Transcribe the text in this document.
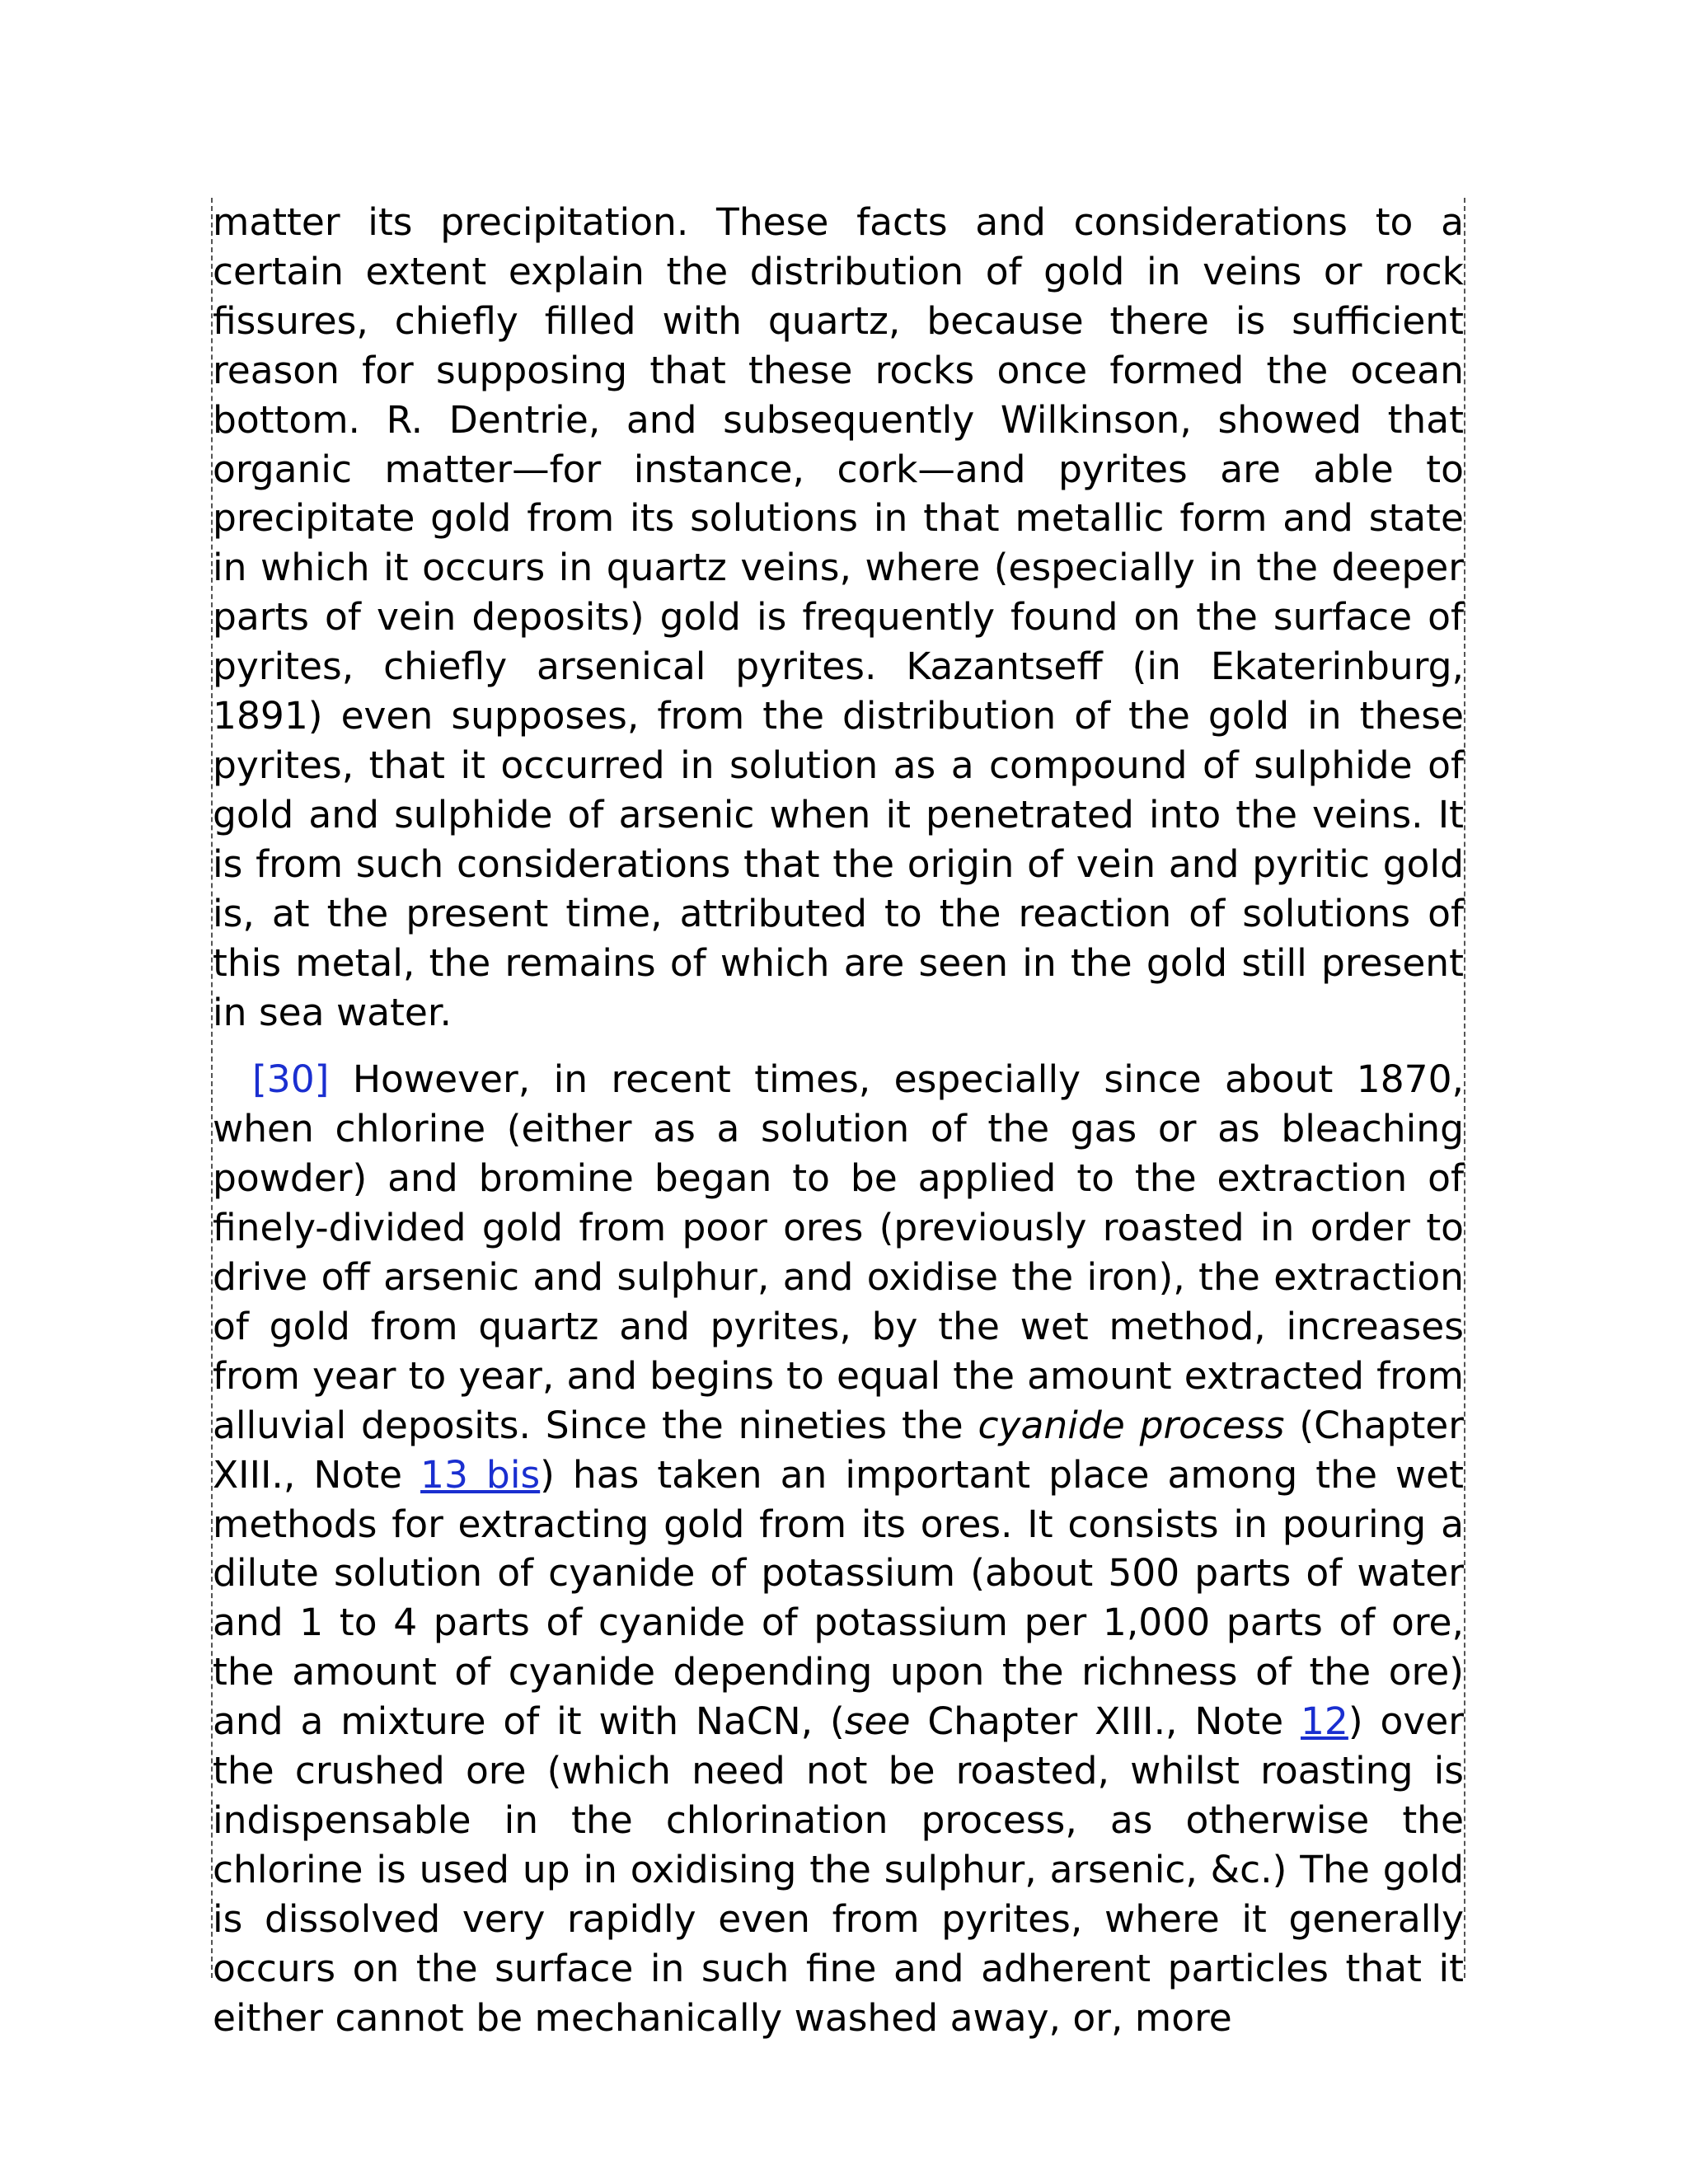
matter its precipitation. These facts and considerations to a certain extent explain the distribution of gold in veins or rock fissures, chiefly filled with quartz, because there is sufficient reason for supposing that these rocks once formed the ocean bottom. R. Dentrie, and subsequently Wilkinson, showed that organic matter—for instance, cork—and pyrites are able to precipitate gold from its solutions in that metallic form and state in which it occurs in quartz veins, where (especially in the deeper parts of vein deposits) gold is frequently found on the surface of pyrites, chiefly arsenical pyrites. Kazantseff (in Ekaterinburg, 1891) even supposes, from the distribution of the gold in these pyrites, that it occurred in solution as a compound of sulphide of gold and sulphide of arsenic when it penetrated into the veins. It is from such considerations that the origin of vein and pyritic gold is, at the present time, attributed to the reaction of solutions of this metal, the remains of which are seen in the gold still present in sea water.

[30] However, in recent times, especially since about 1870, when chlorine (either as a solution of the gas or as bleaching powder) and bromine began to be applied to the extraction of finely-divided gold from poor ores (previously roasted in order to drive off arsenic and sulphur, and oxidise the iron), the extraction of gold from quartz and pyrites, by the wet method, increases from year to year, and begins to equal the amount extracted from alluvial deposits. Since the nineties the cyanide process (Chapter XIII., Note 13 bis) has taken an important place among the wet methods for extracting gold from its ores. It consists in pouring a dilute solution of cyanide of potassium (about 500 parts of water and 1 to 4 parts of cyanide of potassium per 1,000 parts of ore, the amount of cyanide depending upon the richness of the ore) and a mixture of it with NaCN, (see Chapter XIII., Note 12) over the crushed ore (which need not be roasted, whilst roasting is indispensable in the chlorination process, as otherwise the chlorine is used up in oxidising the sulphur, arsenic, &c.) The gold is dissolved very rapidly even from pyrites, where it generally occurs on the surface in such fine and adherent particles that it either cannot be mechanically washed away, or, more
